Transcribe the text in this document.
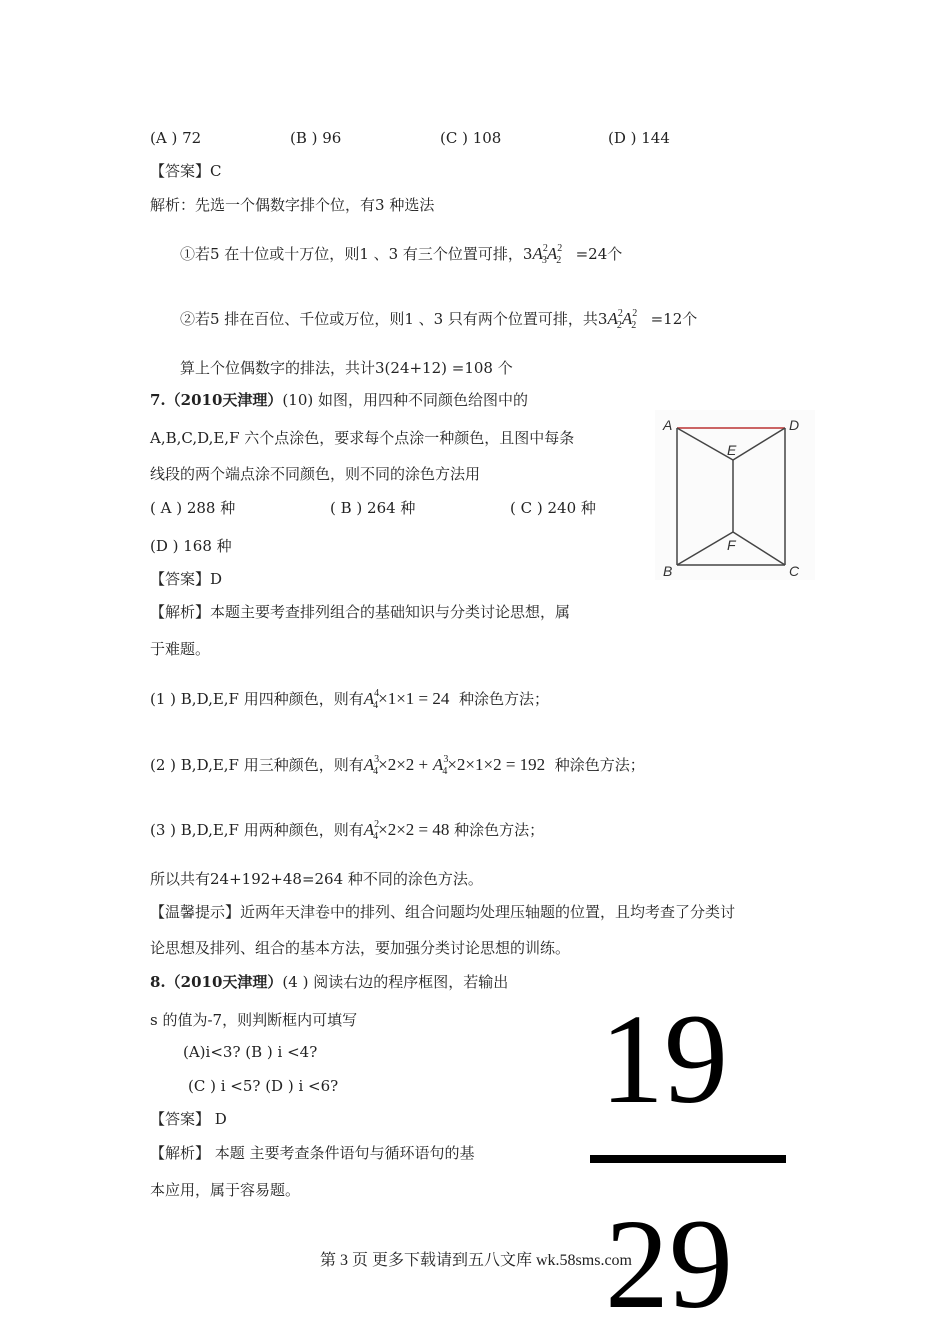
(A ) 72	(B ) 96	(C ) 108	(D ) 144
【答案】C
解析：先选一个偶数字排个位，有3 种选法
①若5 在十位或十万位，则1 、3 有三个位置可排，$3A^2_3A^2_2 =24$个
②若5 排在百位、千位或万位，则1 、3 只有两个位置可排，共$3A^2_2A^2_2 =12$个
算上个位偶数字的排法，共计3(24+12) =108 个
7.（2010天津理）(10) 如图，用四种不同颜色给图中的
A,B,C,D,E,F 六个点涂色，要求每个点涂一种颜色，且图中每条
线段的两个端点涂不同颜色，则不同的涂色方法用
( A ) 288 种	( B ) 264 种	( C ) 240 种
(D ) 168 种
【答案】D
【解析】本题主要考查排列组合的基础知识与分类讨论思想，属
于难题。
A	D
E
F
B	C
(1 ) B,D,E,F 用四种颜色，则有$A^4_4\times 1\times 1 = 24$ 种涂色方法；
(2 ) B,D,E,F 用三种颜色，则有$A^3_4\times 2\times 2 + A^3_4\times 2\times 1\times 2 = 192$ 种涂色方法；
(3 ) B,D,E,F 用两种颜色，则有$A^2_4\times 2\times 2 = 48$ 种涂色方法；
所以共有24+192+48=264 种不同的涂色方法。
【温馨提示】近两年天津卷中的排列、组合问题均处理压轴题的位置，且均考查了分类讨
论思想及排列、组合的基本方法，要加强分类讨论思想的训练。
8.（2010天津理）(4 ) 阅读右边的程序框图，若输出
s 的值为-7，则判断框内可填写
(A)i<3? (B ) i <4?
(C ) i <5? (D ) i <6?
【答案】 D
【解析】 本题 主要考查条件语句与循环语句的基
本应用，属于容易题。
19
29
第 3 页 更多下载请到五八文库 wk.58sms.com
